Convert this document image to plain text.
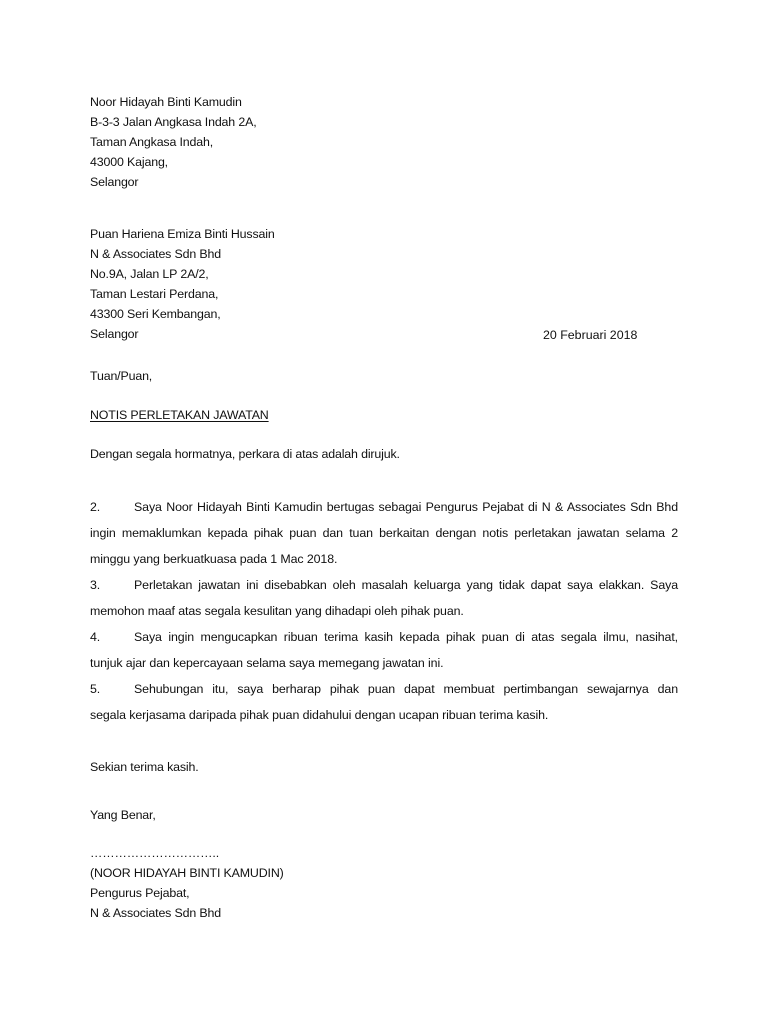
Noor Hidayah Binti Kamudin
B-3-3 Jalan Angkasa Indah 2A,
Taman Angkasa Indah,
43000 Kajang,
Selangor
Puan Hariena Emiza Binti Hussain
N & Associates Sdn Bhd
No.9A, Jalan LP 2A/2,
Taman Lestari Perdana,
43300 Seri Kembangan,
Selangor	20 Februari 2018
Tuan/Puan,
NOTIS PERLETAKAN JAWATAN
Dengan segala hormatnya, perkara di atas adalah dirujuk.
2.	Saya Noor Hidayah Binti Kamudin bertugas sebagai Pengurus Pejabat di N & Associates Sdn Bhd
ingin memaklumkan kepada pihak puan dan tuan berkaitan dengan notis perletakan jawatan selama 2
minggu yang berkuatkuasa pada 1 Mac 2018.
3.	Perletakan jawatan ini disebabkan oleh masalah keluarga yang tidak dapat saya elakkan. Saya
memohon maaf atas segala kesulitan yang dihadapi oleh pihak puan.
4.	Saya ingin mengucapkan ribuan terima kasih kepada pihak puan di atas segala ilmu, nasihat,
tunjuk ajar dan kepercayaan selama saya memegang jawatan ini.
5.	Sehubungan itu, saya berharap pihak puan dapat membuat pertimbangan sewajarnya dan
segala kerjasama daripada pihak puan didahului dengan ucapan ribuan terima kasih.
Sekian terima kasih.
Yang Benar,
…………………………..
(NOOR HIDAYAH BINTI KAMUDIN)
Pengurus Pejabat,
N & Associates Sdn Bhd
